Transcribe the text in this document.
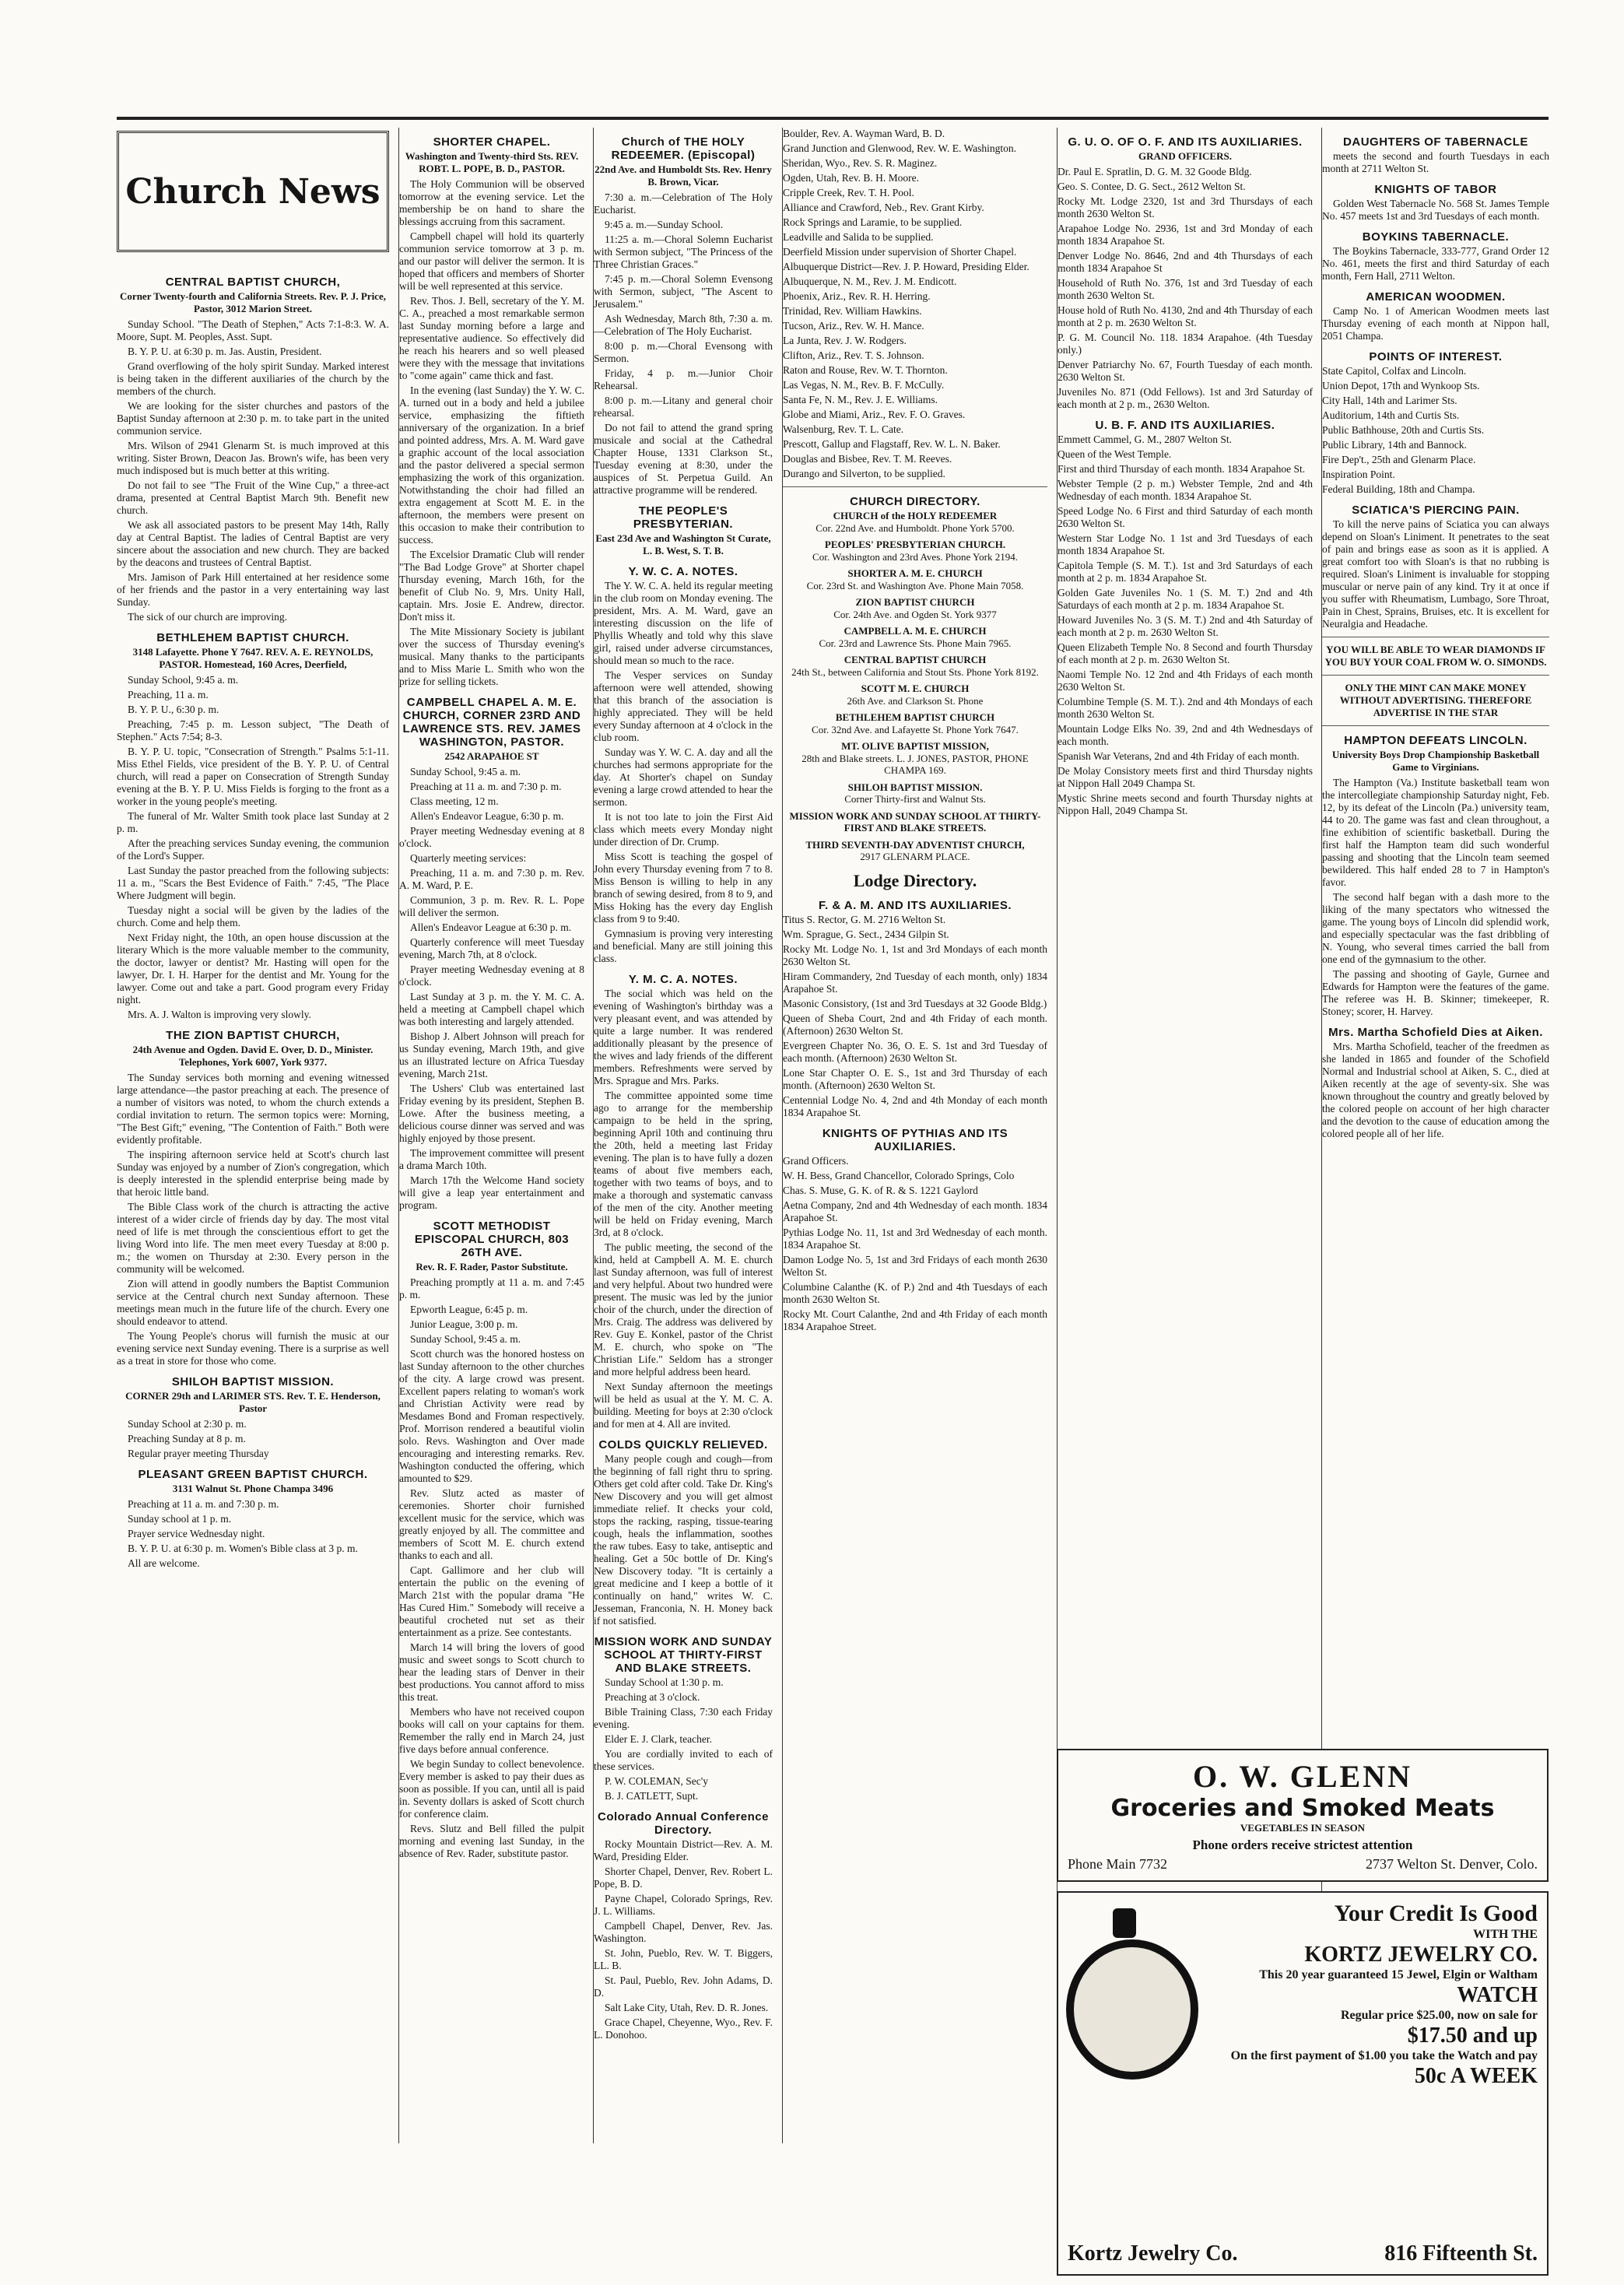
Church News
CENTRAL BAPTIST CHURCH,
Corner Twenty-fourth and California Streets. Rev. P. J. Price, Pastor, 3012 Marion Street.

Sunday School. "The Death of Stephen," Acts 7:1-8:3. W. A. Moore, Supt. M. Peoples, Asst. Supt.

B. Y. P. U. at 6:30 p. m. Jas. Austin, President.

Grand overflowing of the holy spirit Sunday. Marked interest is being taken in the different auxiliaries of the church by the members of the church.

We are looking for the sister churches and pastors of the Baptist Sunday afternoon at 2:30 p. m. to take part in the united communion service.

Mrs. Wilson of 2941 Glenarm St. is much improved at this writing. Sister Brown, Deacon Jas. Brown's wife, has been very much indisposed but is much better at this writing.

Do not fail to see "The Fruit of the Wine Cup," a three-act drama, presented at Central Baptist March 9th. Benefit new church.

We ask all associated pastors to be present May 14th, Rally day at Central Baptist. The ladies of Central Baptist are very sincere about the association and new church. They are backed by the deacons and trustees of Central Baptist.

Mrs. Jamison of Park Hill entertained at her residence some of her friends and the pastor in a very entertaining way last Sunday.

The sick of our church are improving.

BETHLEHEM BAPTIST CHURCH.
3148 Lafayette. Phone Y 7647. REV. A. E. REYNOLDS, PASTOR. Homestead, 160 Acres, Deerfield,

Sunday School, 9:45 a. m.

Preaching, 11 a. m.

B. Y. P. U., 6:30 p. m.

Preaching, 7:45 p. m. Lesson subject, "The Death of Stephen." Acts 7:54; 8-3.

B. Y. P. U. topic, "Consecration of Strength." Psalms 5:1-11. Miss Ethel Fields, vice president of the B. Y. P. U. of Central church, will read a paper on Consecration of Strength Sunday evening at the B. Y. P. U. Miss Fields is forging to the front as a worker in the young people's meeting.

The funeral of Mr. Walter Smith took place last Sunday at 2 p. m.

After the preaching services Sunday evening, the communion of the Lord's Supper.

Last Sunday the pastor preached from the following subjects: 11 a. m., "Scars the Best Evidence of Faith." 7:45, "The Place Where Judgment will begin.

Tuesday night a social will be given by the ladies of the church. Come and help them.

Next Friday night, the 10th, an open house discussion at the literary Which is the more valuable member to the community, the doctor, lawyer or dentist? Mr. Hasting will open for the lawyer, Dr. I. H. Harper for the dentist and Mr. Young for the lawyer. Come out and take a part. Good program every Friday night.

Mrs. A. J. Walton is improving very slowly.

THE ZION BAPTIST CHURCH,
24th Avenue and Ogden. David E. Over, D. D., Minister. Telephones, York 6007, York 9377.

The Sunday services both morning and evening witnessed large attendance—the pastor preaching at each. The presence of a number of visitors was noted, to whom the church extends a cordial invitation to return. The sermon topics were: Morning, "The Best Gift;" evening, "The Contention of Faith." Both were evidently profitable.

The inspiring afternoon service held at Scott's church last Sunday was enjoyed by a number of Zion's congregation, which is deeply interested in the splendid enterprise being made by that heroic little band.

The Bible Class work of the church is attracting the active interest of a wider circle of friends day by day. The most vital need of life is met through the conscientious effort to get the living Word into life. The men meet every Tuesday at 8:00 p. m.; the women on Thursday at 2:30. Every person in the community will be welcomed.

Zion will attend in goodly numbers the Baptist Communion service at the Central church next Sunday afternoon. These meetings mean much in the future life of the church. Every one should endeavor to attend.

The Young People's chorus will furnish the music at our evening service next Sunday evening. There is a surprise as well as a treat in store for those who come.

SHILOH BAPTIST MISSION.
CORNER 29th and LARIMER STS. Rev. T. E. Henderson, Pastor

Sunday School at 2:30 p. m.

Preaching Sunday at 8 p. m.

Regular prayer meeting Thursday

PLEASANT GREEN BAPTIST CHURCH.
3131 Walnut St. Phone Champa 3496

Preaching at 11 a. m. and 7:30 p. m.

Sunday school at 1 p. m.

Prayer service Wednesday night.

B. Y. P. U. at 6:30 p. m. Women's Bible class at 3 p. m.

All are welcome.

SHORTER CHAPEL.
Washington and Twenty-third Sts. REV. ROBT. L. POPE, B. D., PASTOR.

The Holy Communion will be observed tomorrow at the evening service. Let the membership be on hand to share the blessings accruing from this sacrament.

Campbell chapel will hold its quarterly communion service tomorrow at 3 p. m. and our pastor will deliver the sermon. It is hoped that officers and members of Shorter will be well represented at this service.

Rev. Thos. J. Bell, secretary of the Y. M. C. A., preached a most remarkable sermon last Sunday morning before a large and representative audience. So effectively did he reach his hearers and so well pleased were they with the message that invitations to "come again" came thick and fast.

In the evening (last Sunday) the Y. W. C. A. turned out in a body and held a jubilee service, emphasizing the fiftieth anniversary of the organization. In a brief and pointed address, Mrs. A. M. Ward gave a graphic account of the local association and the pastor delivered a special sermon emphasizing the work of this organization. Notwithstanding the choir had filled an extra engagement at Scott M. E. in the afternoon, the members were present on this occasion to make their contribution to success.

The Excelsior Dramatic Club will render "The Bad Lodge Grove" at Shorter chapel Thursday evening, March 16th, for the benefit of Club No. 9, Mrs. Unity Hall, captain. Mrs. Josie E. Andrew, director. Don't miss it.

The Mite Missionary Society is jubilant over the success of Thursday evening's musical. Many thanks to the participants and to Miss Marie L. Smith who won the prize for selling tickets.

CAMPBELL CHAPEL A. M. E. CHURCH, CORNER 23RD AND LAWRENCE STS. REV. JAMES WASHINGTON, PASTOR.
2542 ARAPAHOE ST

Sunday School, 9:45 a. m.

Preaching at 11 a. m. and 7:30 p. m.

Class meeting, 12 m.

Allen's Endeavor League, 6:30 p. m.

Prayer meeting Wednesday evening at 8 o'clock.

Quarterly meeting services:

Preaching, 11 a. m. and 7:30 p. m. Rev. A. M. Ward, P. E.

Communion, 3 p. m. Rev. R. L. Pope will deliver the sermon.

Allen's Endeavor League at 6:30 p. m.

Quarterly conference will meet Tuesday evening, March 7th, at 8 o'clock.

Prayer meeting Wednesday evening at 8 o'clock.

Last Sunday at 3 p. m. the Y. M. C. A. held a meeting at Campbell chapel which was both interesting and largely attended.

Bishop J. Albert Johnson will preach for us Sunday evening, March 19th, and give us an illustrated lecture on Africa Tuesday evening, March 21st.

The Ushers' Club was entertained last Friday evening by its president, Stephen B. Lowe. After the business meeting, a delicious course dinner was served and was highly enjoyed by those present.

The improvement committee will present a drama March 10th.

March 17th the Welcome Hand society will give a leap year entertainment and program.

SCOTT METHODIST EPISCOPAL CHURCH, 803 26TH AVE.
Rev. R. F. Rader, Pastor Substitute.

Preaching promptly at 11 a. m. and 7:45 p. m.

Epworth League, 6:45 p. m.

Junior League, 3:00 p. m.

Sunday School, 9:45 a. m.

Scott church was the honored hostess on last Sunday afternoon to the other churches of the city. A large crowd was present. Excellent papers relating to woman's work and Christian Activity were read by Mesdames Bond and Froman respectively. Prof. Morrison rendered a beautiful violin solo. Revs. Washington and Over made encouraging and interesting remarks. Rev. Washington conducted the offering, which amounted to $29.

Rev. Slutz acted as master of ceremonies. Shorter choir furnished excellent music for the service, which was greatly enjoyed by all. The committee and members of Scott M. E. church extend thanks to each and all.

Capt. Gallimore and her club will entertain the public on the evening of March 21st with the popular drama "He Has Cured Him." Somebody will receive a beautiful crocheted nut set as their entertainment as a prize. See contestants.

March 14 will bring the lovers of good music and sweet songs to Scott church to hear the leading stars of Denver in their best productions. You cannot afford to miss this treat.

Members who have not received coupon books will call on your captains for them. Remember the rally end in March 24, just five days before annual conference.

We begin Sunday to collect benevolence. Every member is asked to pay their dues as soon as possible. If you can, until all is paid in. Seventy dollars is asked of Scott church for conference claim.

Revs. Slutz and Bell filled the pulpit morning and evening last Sunday, in the absence of Rev. Rader, substitute pastor.

Church of THE HOLY REDEEMER. (Episcopal)
22nd Ave. and Humboldt Sts. Rev. Henry B. Brown, Vicar.

7:30 a. m.—Celebration of The Holy Eucharist.

9:45 a. m.—Sunday School.

11:25 a. m.—Choral Solemn Eucharist with Sermon subject, "The Princess of the Three Christian Graces."

7:45 p. m.—Choral Solemn Evensong with Sermon, subject, "The Ascent to Jerusalem."

Ash Wednesday, March 8th, 7:30 a. m.—Celebration of The Holy Eucharist.

8:00 p. m.—Choral Evensong with Sermon.

Friday, 4 p. m.—Junior Choir Rehearsal.

8:00 p. m.—Litany and general choir rehearsal.

Do not fail to attend the grand spring musicale and social at the Cathedral Chapter House, 1331 Clarkson St., Tuesday evening at 8:30, under the auspices of St. Perpetua Guild. An attractive programme will be rendered.

THE PEOPLE'S PRESBYTERIAN.
East 23d Ave and Washington St Curate, L. B. West, S. T. B.
Y. W. C. A. NOTES.

The Y. W. C. A. held its regular meeting in the club room on Monday evening. The president, Mrs. A. M. Ward, gave an interesting discussion on the life of Phyllis Wheatly and told why this slave girl, raised under adverse circumstances, should mean so much to the race.

The Vesper services on Sunday afternoon were well attended, showing that this branch of the association is highly appreciated. They will be held every Sunday afternoon at 4 o'clock in the club room.

Sunday was Y. W. C. A. day and all the churches had sermons appropriate for the day. At Shorter's chapel on Sunday evening a large crowd attended to hear the sermon.

It is not too late to join the First Aid class which meets every Monday night under direction of Dr. Crump.

Miss Scott is teaching the gospel of John every Thursday evening from 7 to 8. Miss Benson is willing to help in any branch of sewing desired, from 8 to 9, and Miss Hoking has the every day English class from 9 to 9:40.

Gymnasium is proving very interesting and beneficial. Many are still joining this class.

Y. M. C. A. NOTES.

The social which was held on the evening of Washington's birthday was a very pleasant event, and was attended by quite a large number. It was rendered additionally pleasant by the presence of the wives and lady friends of the different members. Refreshments were served by Mrs. Sprague and Mrs. Parks.

The committee appointed some time ago to arrange for the membership campaign to be held in the spring, beginning April 10th and continuing thru the 20th, held a meeting last Friday evening. The plan is to have fully a dozen teams of about five members each, together with two teams of boys, and to make a thorough and systematic canvass of the men of the city. Another meeting will be held on Friday evening, March 3rd, at 8 o'clock.

The public meeting, the second of the kind, held at Campbell A. M. E. church last Sunday afternoon, was full of interest and very helpful. About two hundred were present. The music was led by the junior choir of the church, under the direction of Mrs. Craig. The address was delivered by Rev. Guy E. Konkel, pastor of the Christ M. E. church, who spoke on "The Christian Life." Seldom has a stronger and more helpful address been heard.

Next Sunday afternoon the meetings will be held as usual at the Y. M. C. A. building. Meeting for boys at 2:30 o'clock and for men at 4. All are invited.

COLDS QUICKLY RELIEVED.

Many people cough and cough—from the beginning of fall right thru to spring. Others get cold after cold. Take Dr. King's New Discovery and you will get almost immediate relief. It checks your cold, stops the racking, rasping, tissue-tearing cough, heals the inflammation, soothes the raw tubes. Easy to take, antiseptic and healing. Get a 50c bottle of Dr. King's New Discovery today. "It is certainly a great medicine and I keep a bottle of it continually on hand," writes W. C. Jesseman, Franconia, N. H. Money back if not satisfied.

MISSION WORK AND SUNDAY SCHOOL AT THIRTY-FIRST AND BLAKE STREETS.

Sunday School at 1:30 p. m.

Preaching at 3 o'clock.

Bible Training Class, 7:30 each Friday evening.

Elder E. J. Clark, teacher.

You are cordially invited to each of these services.

P. W. COLEMAN, Sec'y

B. J. CATLETT, Supt.

Colorado Annual Conference Directory.

Rocky Mountain District—Rev. A. M. Ward, Presiding Elder.

Shorter Chapel, Denver, Rev. Robert L. Pope, B. D.

Payne Chapel, Colorado Springs, Rev. J. L. Williams.

Campbell Chapel, Denver, Rev. Jas. Washington.

St. John, Pueblo, Rev. W. T. Biggers, LL. B.

St. Paul, Pueblo, Rev. John Adams, D. D.

Salt Lake City, Utah, Rev. D. R. Jones.

Grace Chapel, Cheyenne, Wyo., Rev. F. L. Donohoo.

Boulder, Rev. A. Wayman Ward, B. D.

Grand Junction and Glenwood, Rev. W. E. Washington.

Sheridan, Wyo., Rev. S. R. Maginez.

Ogden, Utah, Rev. B. H. Moore.

Cripple Creek, Rev. T. H. Pool.

Alliance and Crawford, Neb., Rev. Grant Kirby.

Rock Springs and Laramie, to be supplied.

Leadville and Salida to be supplied.

Deerfield Mission under supervision of Shorter Chapel.

Albuquerque District—Rev. J. P. Howard, Presiding Elder.

Albuquerque, N. M., Rev. J. M. Endicott.

Phoenix, Ariz., Rev. R. H. Herring.

Trinidad, Rev. William Hawkins.

Tucson, Ariz., Rev. W. H. Mance.

La Junta, Rev. J. W. Rodgers.

Clifton, Ariz., Rev. T. S. Johnson.

Raton and Rouse, Rev. W. T. Thornton.

Las Vegas, N. M., Rev. B. F. McCully.

Santa Fe, N. M., Rev. J. E. Williams.

Globe and Miami, Ariz., Rev. F. O. Graves.

Walsenburg, Rev. T. L. Cate.

Prescott, Gallup and Flagstaff, Rev. W. L. N. Baker.

Douglas and Bisbee, Rev. T. M. Reeves.

Durango and Silverton, to be supplied.

CHURCH DIRECTORY.
CHURCH of the HOLY REDEEMER
Cor. 22nd Ave. and Humboldt. Phone York 5700.
PEOPLES' PRESBYTERIAN CHURCH.
Cor. Washington and 23rd Aves. Phone York 2194.
SHORTER A. M. E. CHURCH
Cor. 23rd St. and Washington Ave. Phone Main 7058.
ZION BAPTIST CHURCH
Cor. 24th Ave. and Ogden St. York 9377
CAMPBELL A. M. E. CHURCH
Cor. 23rd and Lawrence Sts. Phone Main 7965.
CENTRAL BAPTIST CHURCH
24th St., between California and Stout Sts. Phone York 8192.
SCOTT M. E. CHURCH
26th Ave. and Clarkson St. Phone
BETHLEHEM BAPTIST CHURCH
Cor. 32nd Ave. and Lafayette St. Phone York 7647.
MT. OLIVE BAPTIST MISSION,
28th and Blake streets. L. J. JONES, PASTOR, PHONE CHAMPA 169.
SHILOH BAPTIST MISSION.
Corner Thirty-first and Walnut Sts.
MISSION WORK AND SUNDAY SCHOOL AT THIRTY-FIRST AND BLAKE STREETS.
THIRD SEVENTH-DAY ADVENTIST CHURCH,
2917 GLENARM PLACE.
Lodge Directory.
F. & A. M. AND ITS AUXILIARIES.

Titus S. Rector, G. M. 2716 Welton St.

Wm. Sprague, G. Sect., 2434 Gilpin St.

Rocky Mt. Lodge No. 1, 1st and 3rd Mondays of each month 2630 Welton St.

Hiram Commandery, 2nd Tuesday of each month, only) 1834 Arapahoe St.

Masonic Consistory, (1st and 3rd Tuesdays at 32 Goode Bldg.)

Queen of Sheba Court, 2nd and 4th Friday of each month. (Afternoon) 2630 Welton St.

Evergreen Chapter No. 36, O. E. S. 1st and 3rd Tuesday of each month. (Afternoon) 2630 Welton St.

Lone Star Chapter O. E. S., 1st and 3rd Thursday of each month. (Afternoon) 2630 Welton St.

Centennial Lodge No. 4, 2nd and 4th Monday of each month 1834 Arapahoe St.

KNIGHTS OF PYTHIAS AND ITS AUXILIARIES.

Grand Officers.

W. H. Bess, Grand Chancellor, Colorado Springs, Colo

Chas. S. Muse, G. K. of R. & S. 1221 Gaylord

Aetna Company, 2nd and 4th Wednesday of each month. 1834 Arapahoe St.

Pythias Lodge No. 11, 1st and 3rd Wednesday of each month. 1834 Arapahoe St.

Damon Lodge No. 5, 1st and 3rd Fridays of each month 2630 Welton St.

Columbine Calanthe (K. of P.) 2nd and 4th Tuesdays of each month 2630 Welton St.

Rocky Mt. Court Calanthe, 2nd and 4th Friday of each month 1834 Arapahoe Street.

G. U. O. OF O. F. AND ITS AUXILIARIES.
GRAND OFFICERS.

Dr. Paul E. Spratlin, D. G. M. 32 Goode Bldg.

Geo. S. Contee, D. G. Sect., 2612 Welton St.

Rocky Mt. Lodge 2320, 1st and 3rd Thursdays of each month 2630 Welton St.

Arapahoe Lodge No. 2936, 1st and 3rd Monday of each month 1834 Arapahoe St.

Denver Lodge No. 8646, 2nd and 4th Thursdays of each month 1834 Arapahoe St

Household of Ruth No. 376, 1st and 3rd Tuesday of each month 2630 Welton St.

House hold of Ruth No. 4130, 2nd and 4th Thursday of each month at 2 p. m. 2630 Welton St.

P. G. M. Council No. 118. 1834 Arapahoe. (4th Tuesday only.)

Denver Patriarchy No. 67, Fourth Tuesday of each month. 2630 Welton St.

Juveniles No. 871 (Odd Fellows). 1st and 3rd Saturday of each month at 2 p. m., 2630 Welton.

U. B. F. AND ITS AUXILIARIES.

Emmett Cammel, G. M., 2807 Welton St.

Queen of the West Temple.

First and third Thursday of each month. 1834 Arapahoe St.

Webster Temple (2 p. m.) Webster Temple, 2nd and 4th Wednesday of each month. 1834 Arapahoe St.

Speed Lodge No. 6 First and third Saturday of each month 2630 Welton St.

Western Star Lodge No. 1 1st and 3rd Tuesdays of each month 1834 Arapahoe St.

Capitola Temple (S. M. T.). 1st and 3rd Saturdays of each month at 2 p. m. 1834 Arapahoe St.

Golden Gate Juveniles No. 1 (S. M. T.) 2nd and 4th Saturdays of each month at 2 p. m. 1834 Arapahoe St.

Howard Juveniles No. 3 (S. M. T.) 2nd and 4th Saturday of each month at 2 p. m. 2630 Welton St.

Queen Elizabeth Temple No. 8 Second and fourth Thursday of each month at 2 p. m. 2630 Welton St.

Naomi Temple No. 12 2nd and 4th Fridays of each month 2630 Welton St.

Columbine Temple (S. M. T.). 2nd and 4th Mondays of each month 2630 Welton St.

Mountain Lodge Elks No. 39, 2nd and 4th Wednesdays of each month.

Spanish War Veterans, 2nd and 4th Friday of each month.

De Molay Consistory meets first and third Thursday nights at Nippon Hall 2049 Champa St.

Mystic Shrine meets second and fourth Thursday nights at Nippon Hall, 2049 Champa St.

DAUGHTERS OF TABERNACLE

meets the second and fourth Tuesdays in each month at 2711 Welton St.

KNIGHTS OF TABOR

Golden West Tabernacle No. 568 St. James Temple No. 457 meets 1st and 3rd Tuesdays of each month.

BOYKINS TABERNACLE.

The Boykins Tabernacle, 333-777, Grand Order 12 No. 461, meets the first and third Saturday of each month, Fern Hall, 2711 Welton.

AMERICAN WOODMEN.

Camp No. 1 of American Woodmen meets last Thursday evening of each month at Nippon hall, 2051 Champa.

POINTS OF INTEREST.

State Capitol, Colfax and Lincoln.

Union Depot, 17th and Wynkoop Sts.

City Hall, 14th and Larimer Sts.

Auditorium, 14th and Curtis Sts.

Public Bathhouse, 20th and Curtis Sts.

Public Library, 14th and Bannock.

Fire Dep't., 25th and Glenarm Place.

Inspiration Point.

Federal Building, 18th and Champa.

SCIATICA'S PIERCING PAIN.

To kill the nerve pains of Sciatica you can always depend on Sloan's Liniment. It penetrates to the seat of pain and brings ease as soon as it is applied. A great comfort too with Sloan's is that no rubbing is required. Sloan's Liniment is invaluable for stopping muscular or nerve pain of any kind. Try it at once if you suffer with Rheumatism, Lumbago, Sore Throat, Pain in Chest, Sprains, Bruises, etc. It is excellent for Neuralgia and Headache.

YOU WILL BE ABLE TO WEAR DIAMONDS IF YOU BUY YOUR COAL FROM W. O. SIMONDS.
ONLY THE MINT CAN MAKE MONEY WITHOUT ADVERTISING. THEREFORE ADVERTISE IN THE STAR
HAMPTON DEFEATS LINCOLN.
University Boys Drop Championship Basketball Game to Virginians.

The Hampton (Va.) Institute basketball team won the intercollegiate championship Saturday night, Feb. 12, by its defeat of the Lincoln (Pa.) university team, 44 to 20. The game was fast and clean throughout, a fine exhibition of scientific basketball. During the first half the Hampton team did such wonderful passing and shooting that the Lincoln team seemed bewildered. This half ended 28 to 7 in Hampton's favor.

The second half began with a dash more to the liking of the many spectators who witnessed the game. The young boys of Lincoln did splendid work, and especially spectacular was the fast dribbling of N. Young, who several times carried the ball from one end of the gymnasium to the other.

The passing and shooting of Gayle, Gurnee and Edwards for Hampton were the features of the game. The referee was H. B. Skinner; timekeeper, R. Stoney; scorer, H. Harvey.

Mrs. Martha Schofield Dies at Aiken.

Mrs. Martha Schofield, teacher of the freedmen as she landed in 1865 and founder of the Schofield Normal and Industrial school at Aiken, S. C., died at Aiken recently at the age of seventy-six. She was known throughout the country and greatly beloved by the colored people on account of her high character and the devotion to the cause of education among the colored people all of her life.

O. W. GLENN
Groceries and Smoked Meats
VEGETABLES IN SEASON
Phone orders receive strictest attention
Phone Main 7732	2737 Welton St. Denver, Colo.
Your Credit Is Good
WITH THE
KORTZ JEWELRY CO.
This 20 year guaranteed 15 Jewel, Elgin or Waltham
WATCH
Regular price $25.00, now on sale for
$17.50 and up
On the first payment of $1.00 you take the Watch and pay
50c A WEEK
Kortz Jewelry Co.	816 Fifteenth St.
